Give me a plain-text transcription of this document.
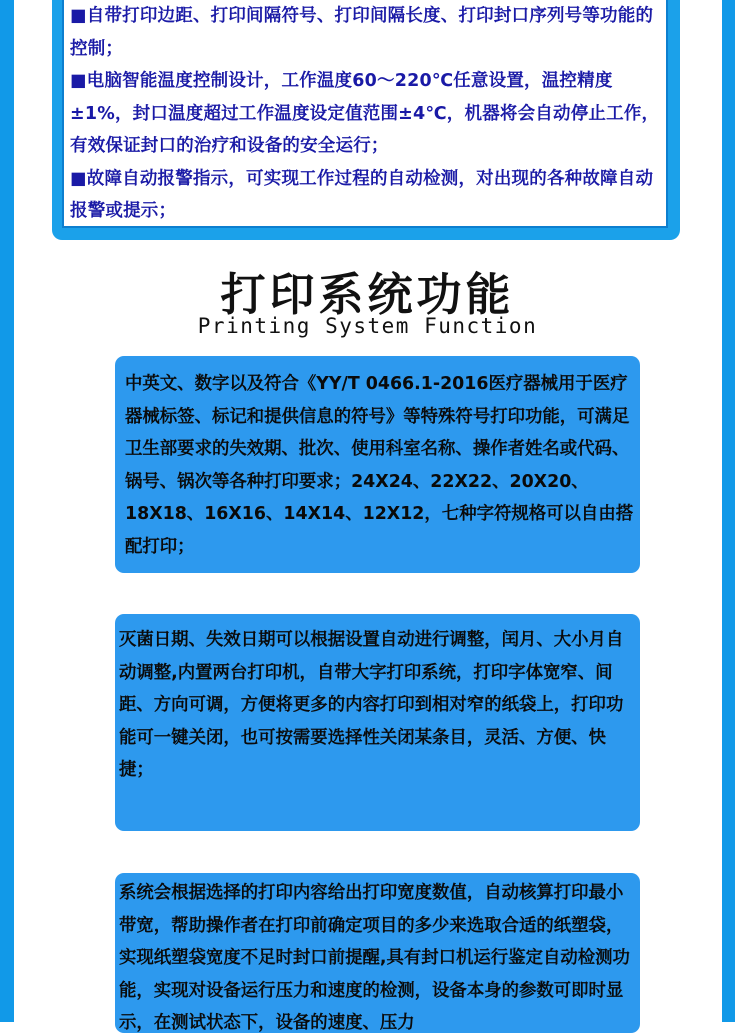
■自带打印边距、打印间隔符号、打印间隔长度、打印封口序列号等功能的控制；

■电脑智能温度控制设计，工作温度60～220℃任意设置，温控精度±1%，封口温度超过工作温度设定值范围±4℃，机器将会自动停止工作，有效保证封口的治疗和设备的安全运行；

■故障自动报警指示，可实现工作过程的自动检测，对出现的各种故障自动报警或提示；

打印系统功能
Printing System Function

中英文、数字以及符合《YY/T 0466.1-2016医疗器械用于医疗器械标签、标记和提供信息的符号》等特殊符号打印功能，可满足卫生部要求的失效期、批次、使用科室名称、操作者姓名或代码、锅号、锅次等各种打印要求；24X24、22X22、20X20、18X18、16X16、14X14、12X12，七种字符规格可以自由搭配打印；

灭菌日期、失效日期可以根据设置自动进行调整，闰月、大小月自动调整,内置两台打印机，自带大字打印系统，打印字体宽窄、间距、方向可调，方便将更多的内容打印到相对窄的纸袋上，打印功能可一键关闭，也可按需要选择性关闭某条目，灵活、方便、快捷；

系统会根据选择的打印内容给出打印宽度数值，自动核算打印最小带宽，帮助操作者在打印前确定项目的多少来选取合适的纸塑袋，实现纸塑袋宽度不足时封口前提醒,具有封口机运行鉴定自动检测功能，实现对设备运行压力和速度的检测，设备本身的参数可即时显示，在测试状态下，设备的速度、压力
